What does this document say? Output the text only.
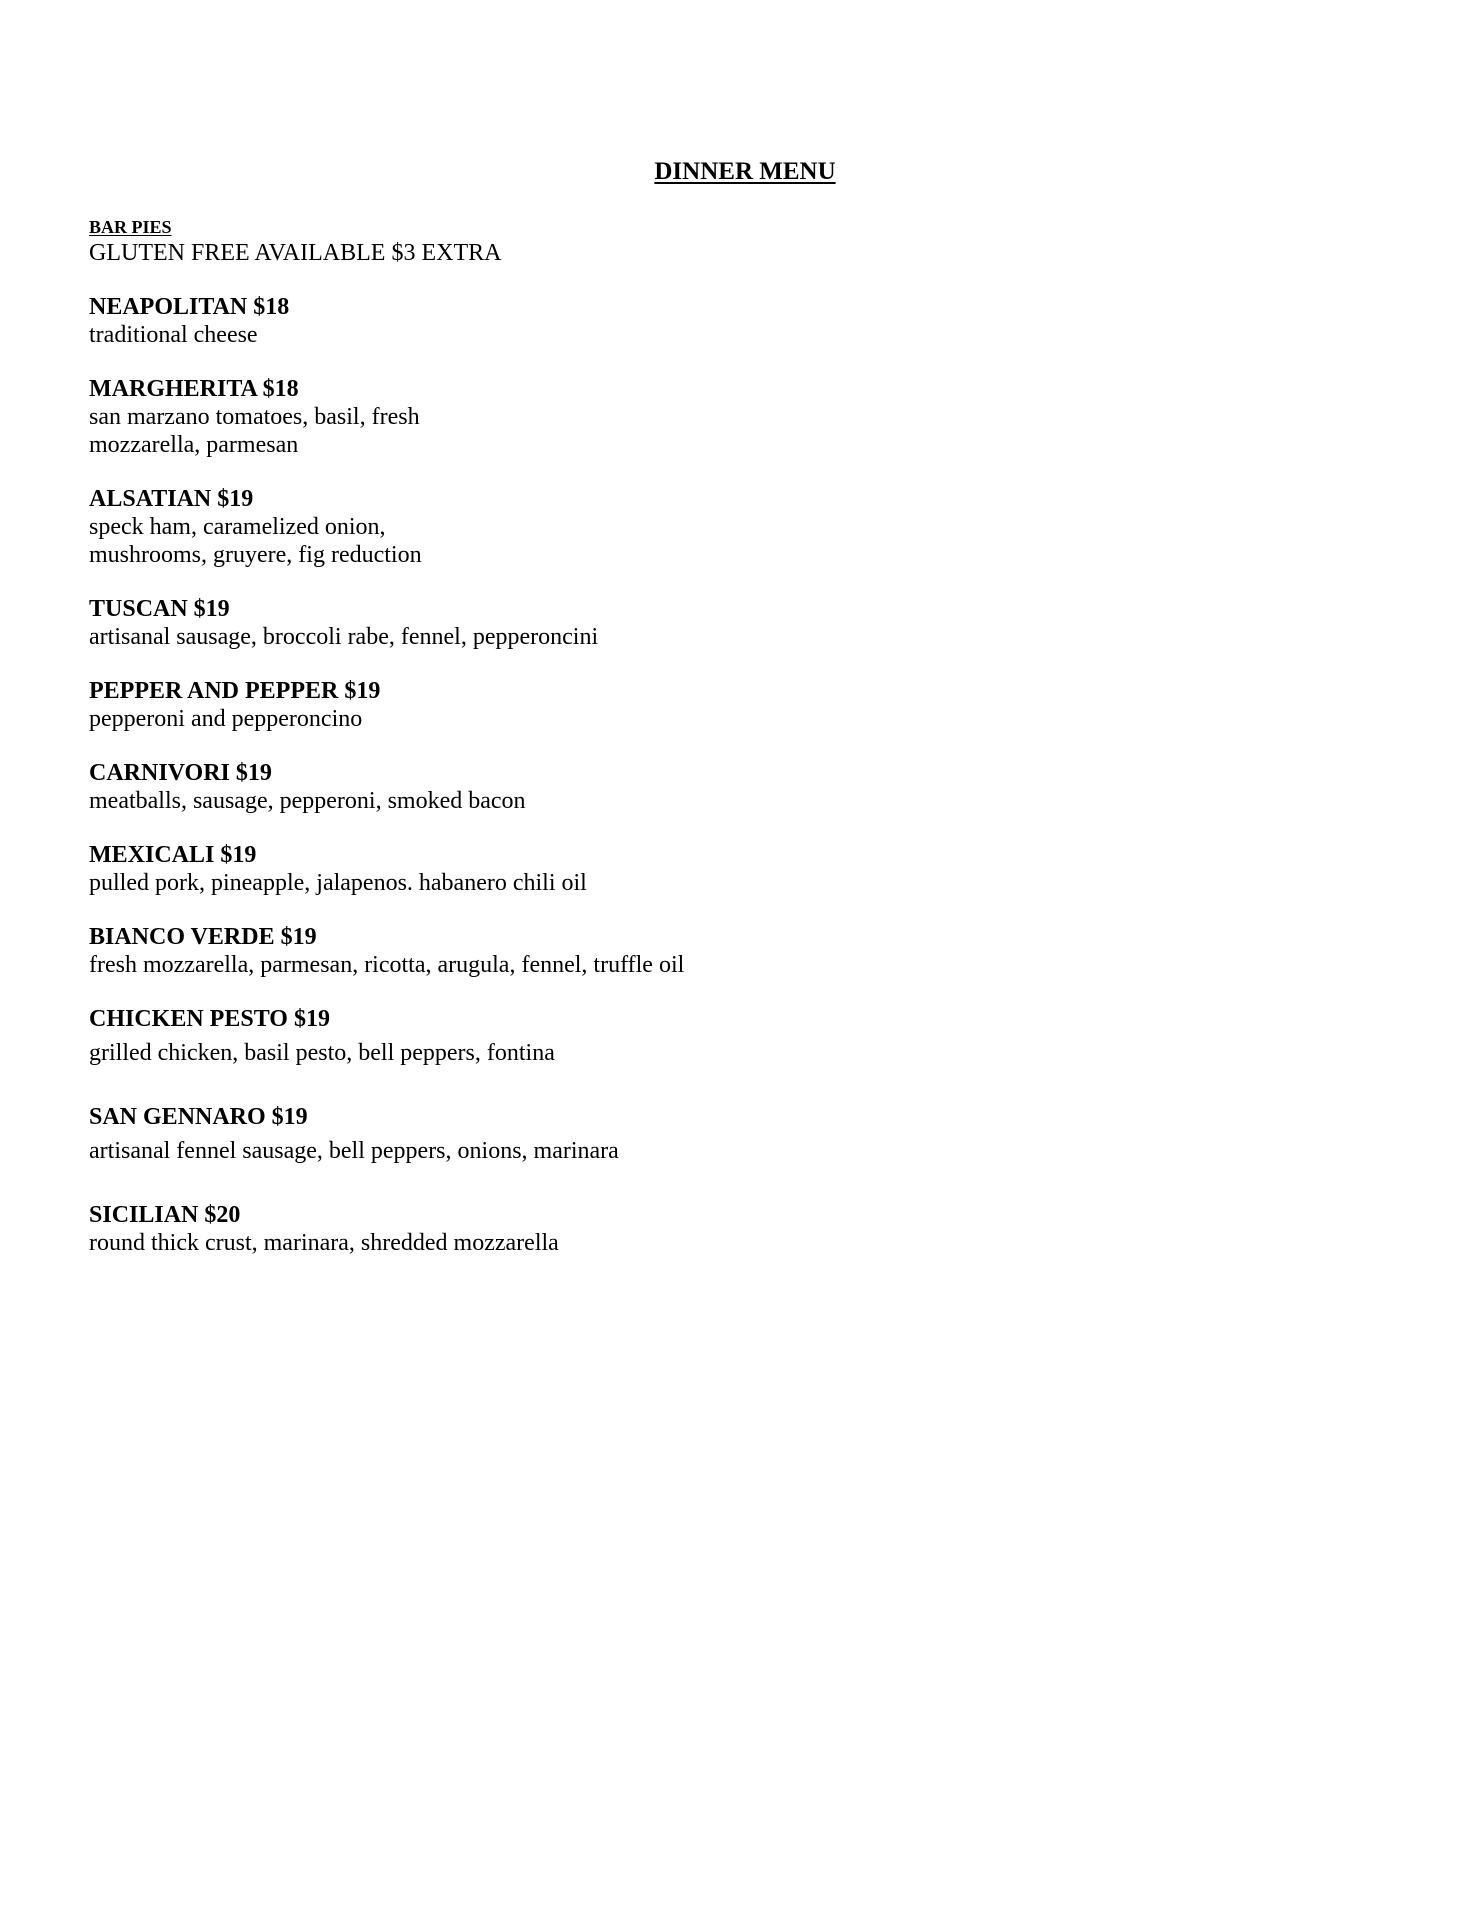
DINNER MENU
BAR PIES
GLUTEN FREE AVAILABLE $3 EXTRA
NEAPOLITAN $18
traditional cheese
MARGHERITA $18
san marzano tomatoes, basil, fresh mozzarella, parmesan
ALSATIAN $19
speck ham, caramelized onion, mushrooms, gruyere, fig reduction
TUSCAN $19
artisanal sausage, broccoli rabe, fennel, pepperoncini
PEPPER AND PEPPER $19
pepperoni and pepperoncino
CARNIVORI $19
meatballs, sausage, pepperoni, smoked bacon
MEXICALI $19
pulled pork, pineapple, jalapenos. habanero chili oil
BIANCO VERDE $19
fresh mozzarella, parmesan, ricotta, arugula, fennel, truffle oil
CHICKEN PESTO $19
grilled chicken, basil pesto, bell peppers, fontina
SAN GENNARO $19
artisanal fennel sausage, bell peppers, onions, marinara
SICILIAN $20
round thick crust, marinara, shredded mozzarella
